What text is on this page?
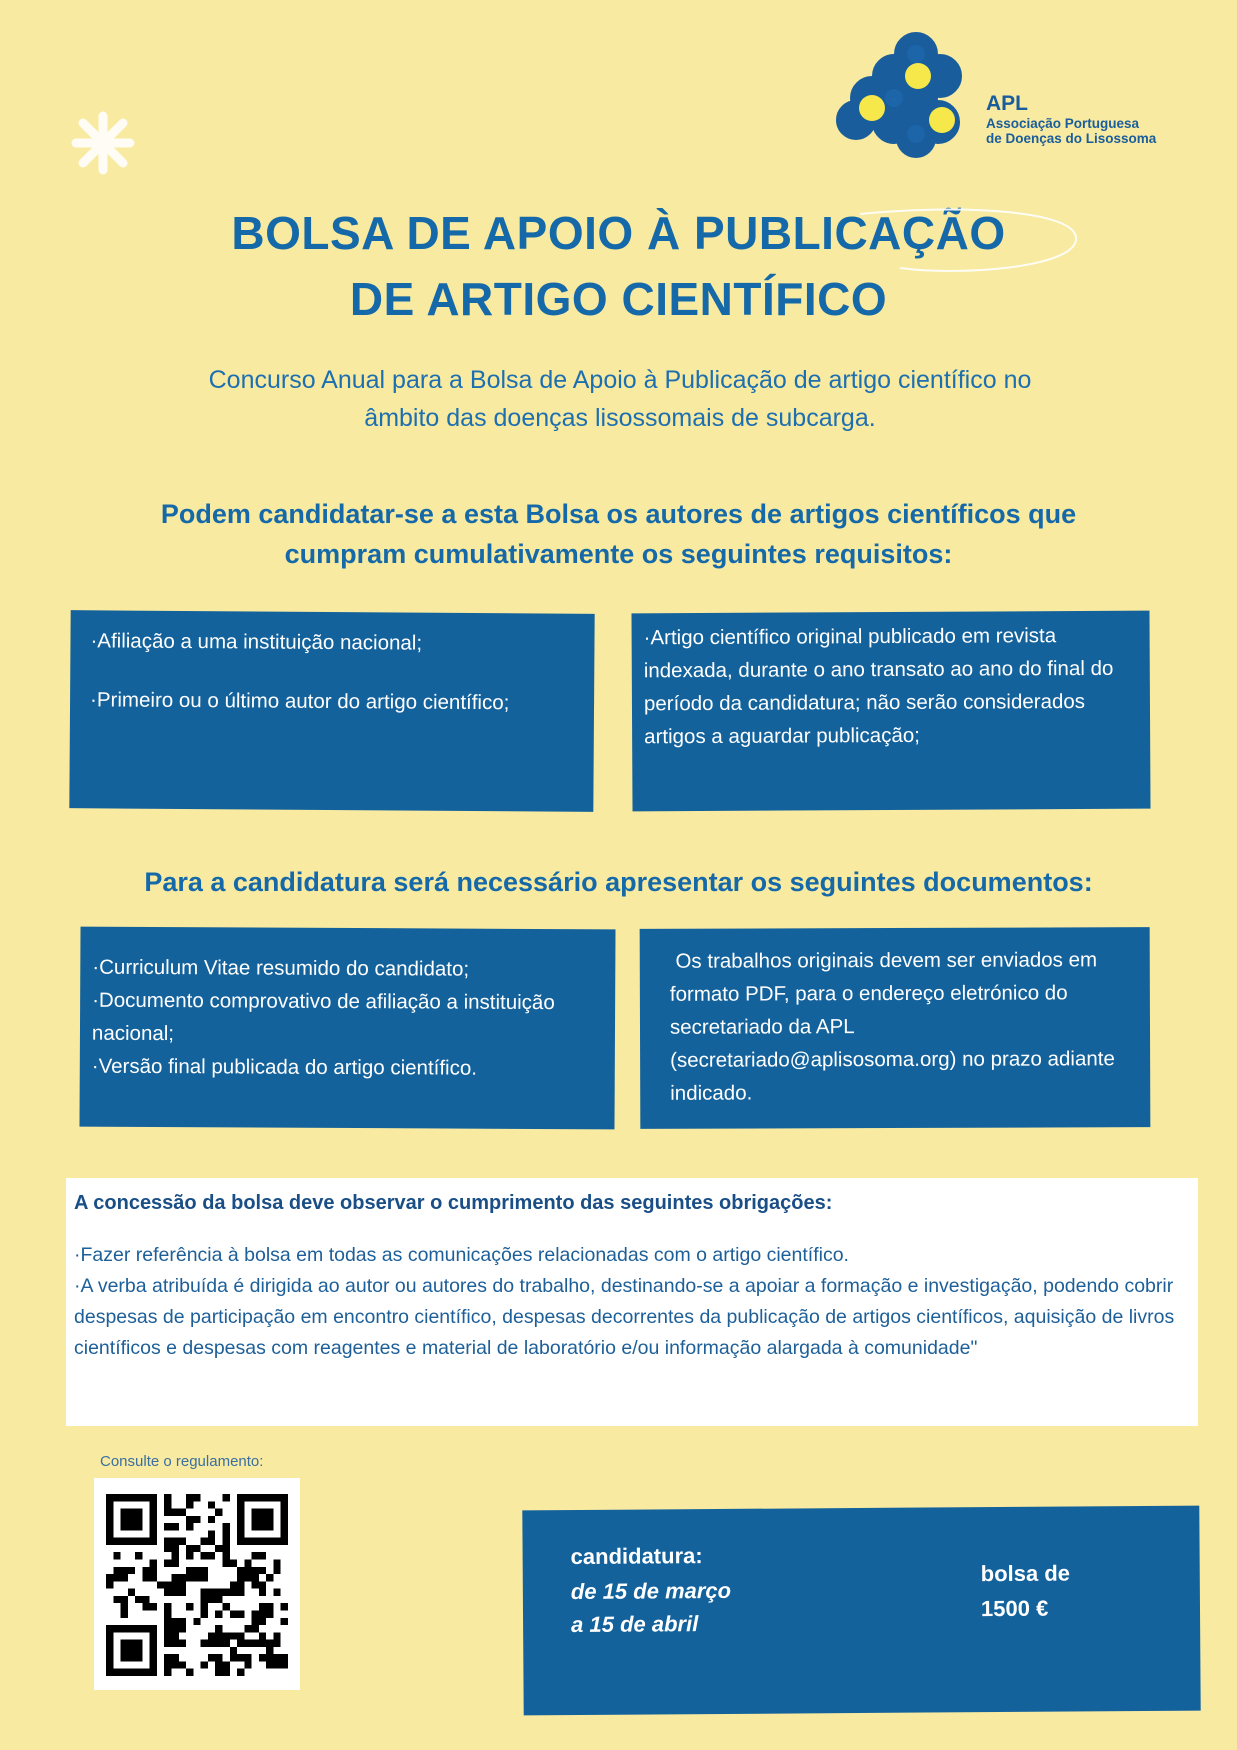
APL
Associação Portuguesa
de Doenças do Lisossoma
BOLSA DE APOIO À PUBLICAÇÃO
DE ARTIGO CIENTÍFICO
Concurso Anual para a Bolsa de Apoio à Publicação de artigo científico no
âmbito das doenças lisossomais de subcarga.
Podem candidatar-se a esta Bolsa os autores de artigos científicos que
cumpram cumulativamente os seguintes requisitos:

·Afiliação a uma instituição nacional;

·Primeiro ou o último autor do artigo científico;

·Artigo científico original publicado em revista indexada, durante o ano transato ao ano do final do período da candidatura; não serão considerados artigos a aguardar publicação;

Para a candidatura será necessário apresentar os seguintes documentos:

·Curriculum Vitae resumido do candidato;

·Documento comprovativo de afiliação a instituição nacional;

·Versão final publicada do artigo científico.

Os trabalhos originais devem ser enviados em formato PDF, para o endereço eletrónico do secretariado da APL (secretariado@aplisosoma.org) no prazo adiante indicado.

A concessão da bolsa deve observar o cumprimento das seguintes obrigações:

·Fazer referência à bolsa em todas as comunicações relacionadas com o artigo científico.

·A verba atribuída é dirigida ao autor ou autores do trabalho, destinando-se a apoiar a formação e investigação, podendo cobrir despesas de participação em encontro científico, despesas decorrentes da publicação de artigos científicos, aquisição de livros científicos e despesas com reagentes e material de laboratório e/ou informação alargada à comunidade"

Consulte o regulamento:
candidatura:
de 15 de março
a 15 de abril
bolsa de
1500 €
